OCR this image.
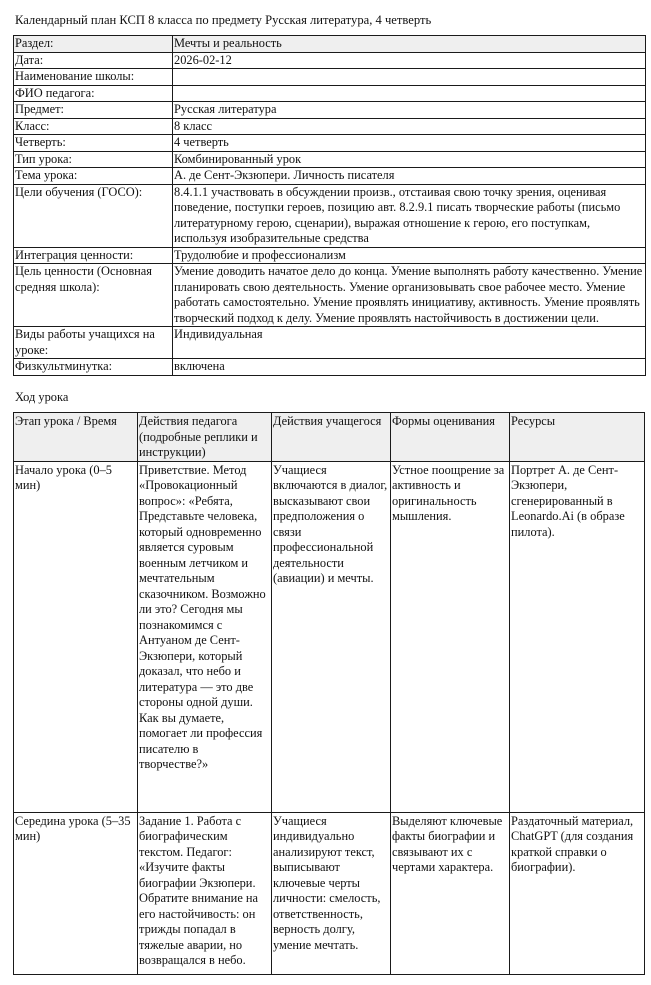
Календарный план КСП 8 класса по предмету Русская литература, 4 четверть
Раздел:	Мечты и реальность
Дата:	2026-02-12
Наименование школы:	
ФИО педагога:	
Предмет:	Русская литература
Класс:	8 класс
Четверть:	4 четверть
Тип урока:	Комбинированный урок
Тема урока:	А. де Сент-Экзюпери. Личность писателя
Цели обучения (ГОСО):	8.4.1.1 участвовать в обсуждении произв., отстаивая свою точку зрения, оценивая поведение, поступки героев, позицию авт. 8.2.9.1 писать творческие работы (письмо литературному герою, сценарии), выражая отношение к герою, его поступкам, используя изобразительные средства
Интеграция ценности:	Трудолюбие и профессионализм
Цель ценности (Основная средняя школа):	Умение доводить начатое дело до конца. Умение выполнять работу качественно. Умение планировать свою деятельность. Умение организовывать свое рабочее место. Умение работать самостоятельно. Умение проявлять инициативу, активность. Умение проявлять творческий подход к делу. Умение проявлять настойчивость в достижении цели.
Виды работы учащихся на уроке:	Индивидуальная
Физкультминутка:	включена
Ход урока
Этап урока / Время	Действия педагога (подробные реплики и инструкции)	Действия учащегося	Формы оценивания	Ресурсы
Начало урока (0–5 мин)	Приветствие. Метод «Провокационный вопрос»: «Ребята, Представьте человека, который одновременно является суровым военным летчиком и мечтательным сказочником. Возможно ли это? Сегодня мы познакомимся с Антуаном де Сент-Экзюпери, который доказал, что небо и литература — это две стороны одной души. Как вы думаете, помогает ли профессия писателю в творчестве?»	Учащиеся включаются в диалог, высказывают свои предположения о связи профессиональной деятельности (авиации) и мечты.	Устное поощрение за активность и оригинальность мышления.	Портрет А. де Сент-Экзюпери, сгенерированный в Leonardo.Ai (в образе пилота).
Середина урока (5–35 мин)	Задание 1. Работа с биографическим текстом. Педагог: «Изучите факты биографии Экзюпери. Обратите внимание на его настойчивость: он трижды попадал в тяжелые аварии, но возвращался в небо.	Учащиеся индивидуально анализируют текст, выписывают ключевые черты личности: смелость, ответственность, верность долгу, умение мечтать.	Выделяют ключевые факты биографии и связывают их с чертами характера.	Раздаточный материал, ChatGPT (для создания краткой справки о биографии).
